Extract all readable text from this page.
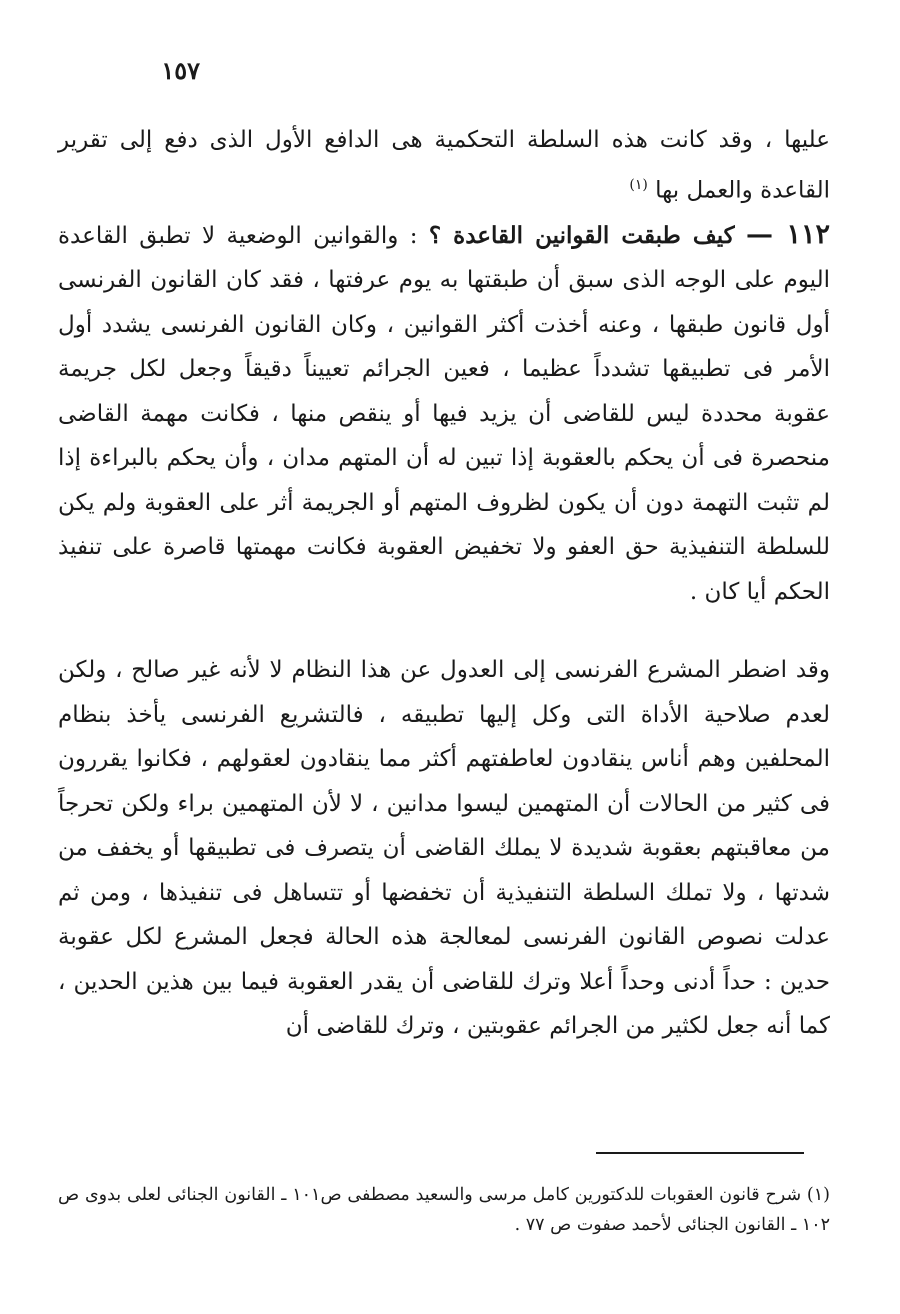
١٥٧

عليها ، وقد كانت هذه السلطة التحكمية هى الدافع الأول الذى دفع إلى تقرير القاعدة والعمل بها $^{(١)}$

١١٢ — كيف طبقت القوانين القاعدة ؟ : والقوانين الوضعية لا تطبق القاعدة اليوم على الوجه الذى سبق أن طبقتها به يوم عرفتها ، فقد كان القانون الفرنسى أول قانون طبقها ، وعنه أخذت أكثر القوانين ، وكان القانون الفرنسى يشدد أول الأمر فى تطبيقها تشدداً عظيما ، فعين الجرائم تعييناً دقيقاً وجعل لكل جريمة عقوبة محددة ليس للقاضى أن يزيد فيها أو ينقص منها ، فكانت مهمة القاضى منحصرة فى أن يحكم بالعقوبة إذا تبين له أن المتهم مدان ، وأن يحكم بالبراءة إذا لم تثبت التهمة دون أن يكون لظروف المتهم أو الجريمة أثر على العقوبة ولم يكن للسلطة التنفيذية حق العفو ولا تخفيض العقوبة فكانت مهمتها قاصرة على تنفيذ الحكم أيا كان .

وقد اضطر المشرع الفرنسى إلى العدول عن هذا النظام لا لأنه غير صالح ، ولكن لعدم صلاحية الأداة التى وكل إليها تطبيقه ، فالتشريع الفرنسى يأخذ بنظام المحلفين وهم أناس ينقادون لعاطفتهم أكثر مما ينقادون لعقولهم ، فكانوا يقررون فى كثير من الحالات أن المتهمين ليسوا مدانين ، لا لأن المتهمين براء ولكن تحرجاً من معاقبتهم بعقوبة شديدة لا يملك القاضى أن يتصرف فى تطبيقها أو يخفف من شدتها ، ولا تملك السلطة التنفيذية أن تخفضها أو تتساهل فى تنفيذها ، ومن ثم عدلت نصوص القانون الفرنسى لمعالجة هذه الحالة فجعل المشرع لكل عقوبة حدين : حداً أدنى وحداً أعلا وترك للقاضى أن يقدر العقوبة فيما بين هذين الحدين ، كما أنه جعل لكثير من الجرائم عقوبتين ، وترك للقاضى أن

(١) شرح قانون العقوبات للدكتورين كامل مرسى والسعيد مصطفى ص١٠١ ـ القانون الجنائى لعلى بدوى ص ١٠٢ ـ القانون الجنائى لأحمد صفوت ص ٧٧ .
